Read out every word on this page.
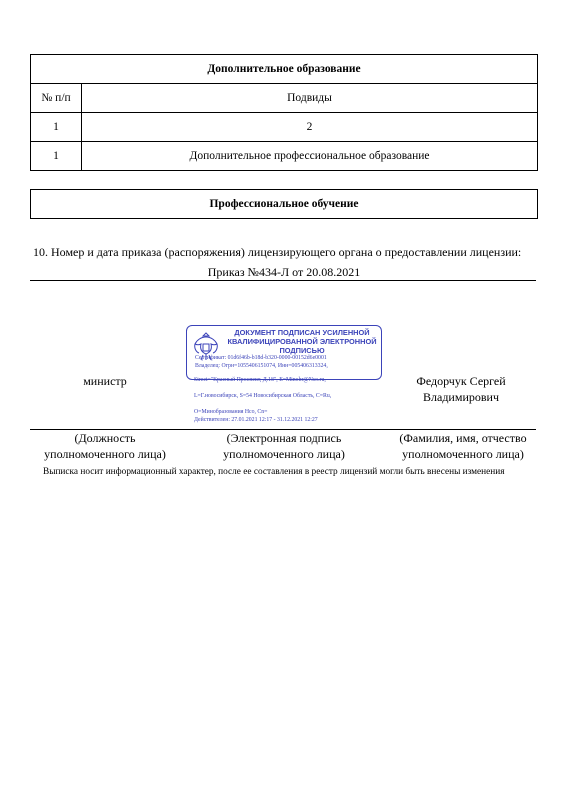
Дополнительное образование	
№ п/п	Подвиды
1	2
1	Дополнительное профессиональное образование
Профессиональное обучение
10. Номер и дата приказа (распоряжения) лицензирующего органа о предоставлении лицензии:
Приказ №434-Л от 20.08.2021
министр
ДОКУМЕНТ ПОДПИСАН УСИЛЕННОЙ КВАЛИФИЦИРОВАННОЙ ЭЛЕКТРОННОЙ ПОДПИСЬЮ
Сертификат: 01d6f46b-b18d-b320-0000-00152d6e0001
Владелец: Огрн=1055406151074, Инн=005406313324,
Street="Красный Проспект, Д.18", E=Minobr@Nso.ru,
L=Г.новосибирск, S=54 Новосибирская Область, C=Ru,
O=Минобразования Нсо, Cn=
Действителен: 27.01.2021 12:17 - 31.12.2021 12:27
Федорчук Сергей Владимирович
(Должность уполномоченного лица)
(Электронная подпись уполномоченного лица)
(Фамилия, имя, отчество уполномоченного лица)
Выписка носит информационный характер, после ее составления в реестр лицензий могли быть внесены изменения
